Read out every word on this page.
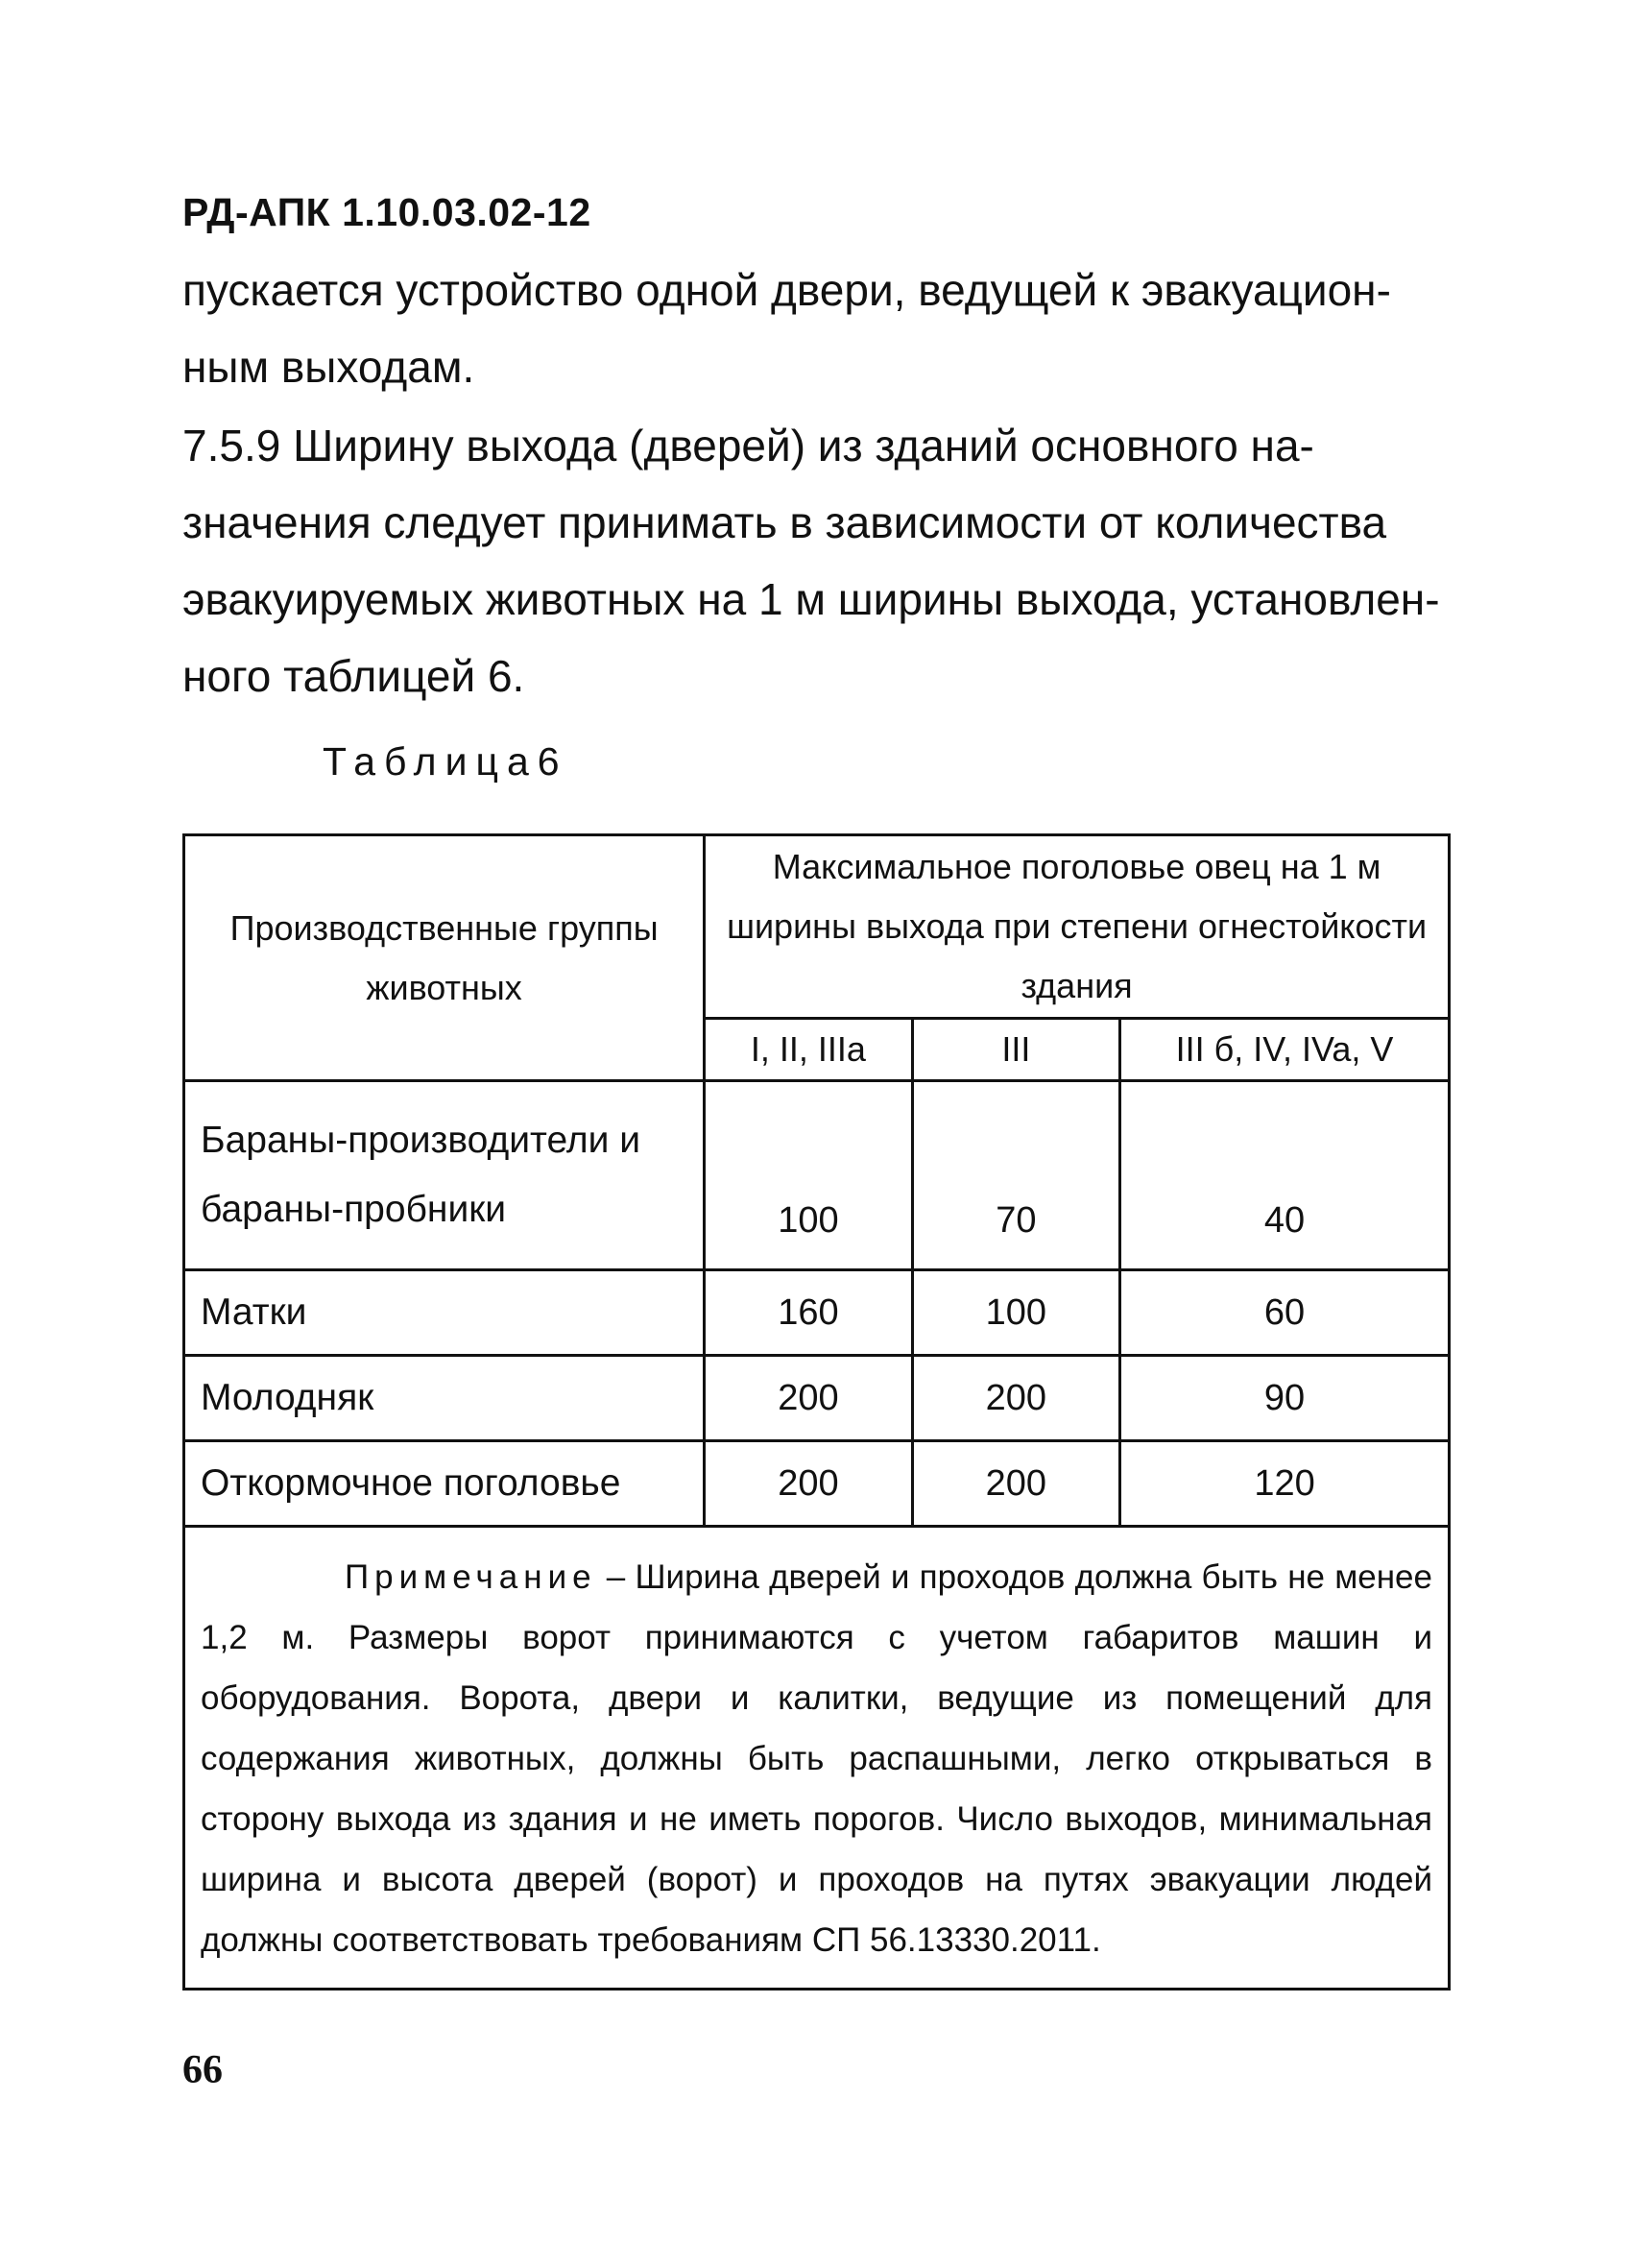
РД-АПК 1.10.03.02-12
пускается устройство одной двери, ведущей к эвакуацион-
ным выходам.
7.5.9 Ширину выхода (дверей) из зданий основного на-
значения следует принимать в зависимости от количества
эвакуируемых животных на 1 м ширины выхода, установлен-
ного таблицей 6.
Таблица6
Производственные группы животных	Максимальное поголовье овец на 1 м ширины выхода при степени огнестойкости здания		
	I, II, IIIa	III	III б, IV, IVa, V
Бараны-производители и бараны-пробники	100	70	40
Матки	160	100	60
Молодняк	200	200	90
Откормочное поголовье	200	200	120
Примечание – Ширина дверей и проходов должна быть не менее 1,2 м. Размеры ворот принимаются с учетом габаритов машин и оборудования. Ворота, двери и калитки, ведущие из помещений для содержания животных, должны быть распашными, легко открываться в сторону выхода из здания и не иметь порогов. Число выходов, минимальная ширина и высота дверей (ворот) и проходов на путях эвакуации людей должны соответствовать требованиям СП 56.13330.2011.			
66
